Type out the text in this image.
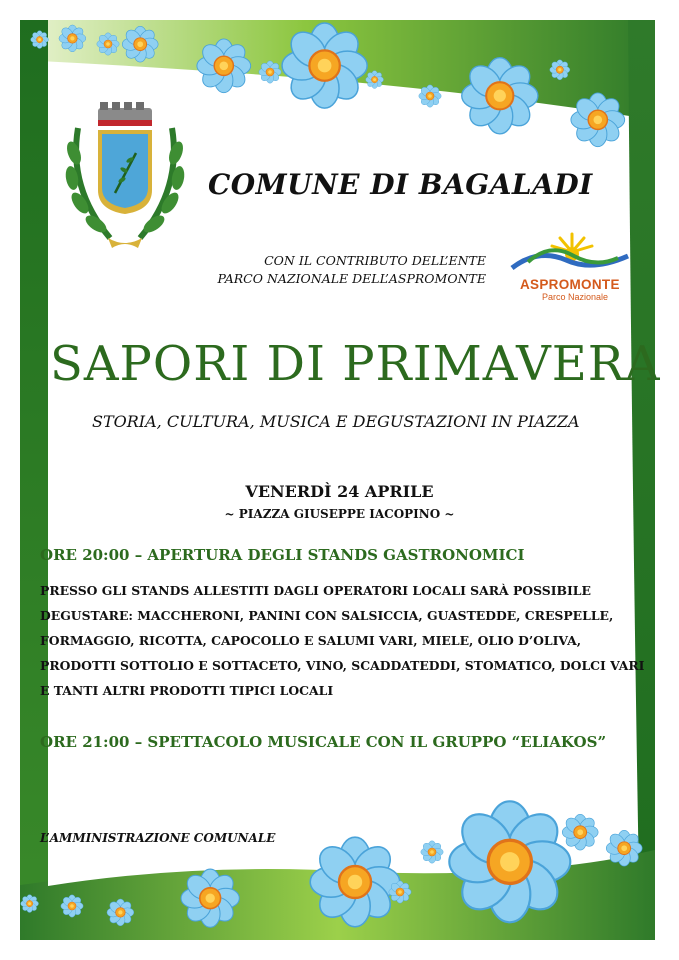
COMUNE DI BAGALADI
CON IL CONTRIBUTO DELL’ENTE
PARCO NAZIONALE DELL’ASPROMONTE	ASPROMONTE
Parco Nazionale
SAPORI DI PRIMAVERA
STORIA, CULTURA, MUSICA E DEGUSTAZIONI IN PIAZZA
VENERDÌ 24 APRILE
~ PIAZZA GIUSEPPE IACOPINO ~
ORE 20:00 – APERTURA DEGLI STANDS GASTRONOMICI
PRESSO GLI STANDS ALLESTITI DAGLI OPERATORI LOCALI SARÀ POSSIBILE
DEGUSTARE: MACCHERONI, PANINI CON SALSICCIA, GUASTEDDE, CRESPELLE,
FORMAGGIO, RICOTTA, CAPOCOLLO E SALUMI VARI, MIELE, OLIO D’OLIVA,
PRODOTTI SOTTOLIO E SOTTACETO, VINO, SCADDATEDDI, STOMATICO, DOLCI VARI
E TANTI ALTRI PRODOTTI TIPICI LOCALI
ORE 21:00 – SPETTACOLO MUSICALE CON IL GRUPPO “ELIAKOS”
L’AMMINISTRAZIONE COMUNALE
